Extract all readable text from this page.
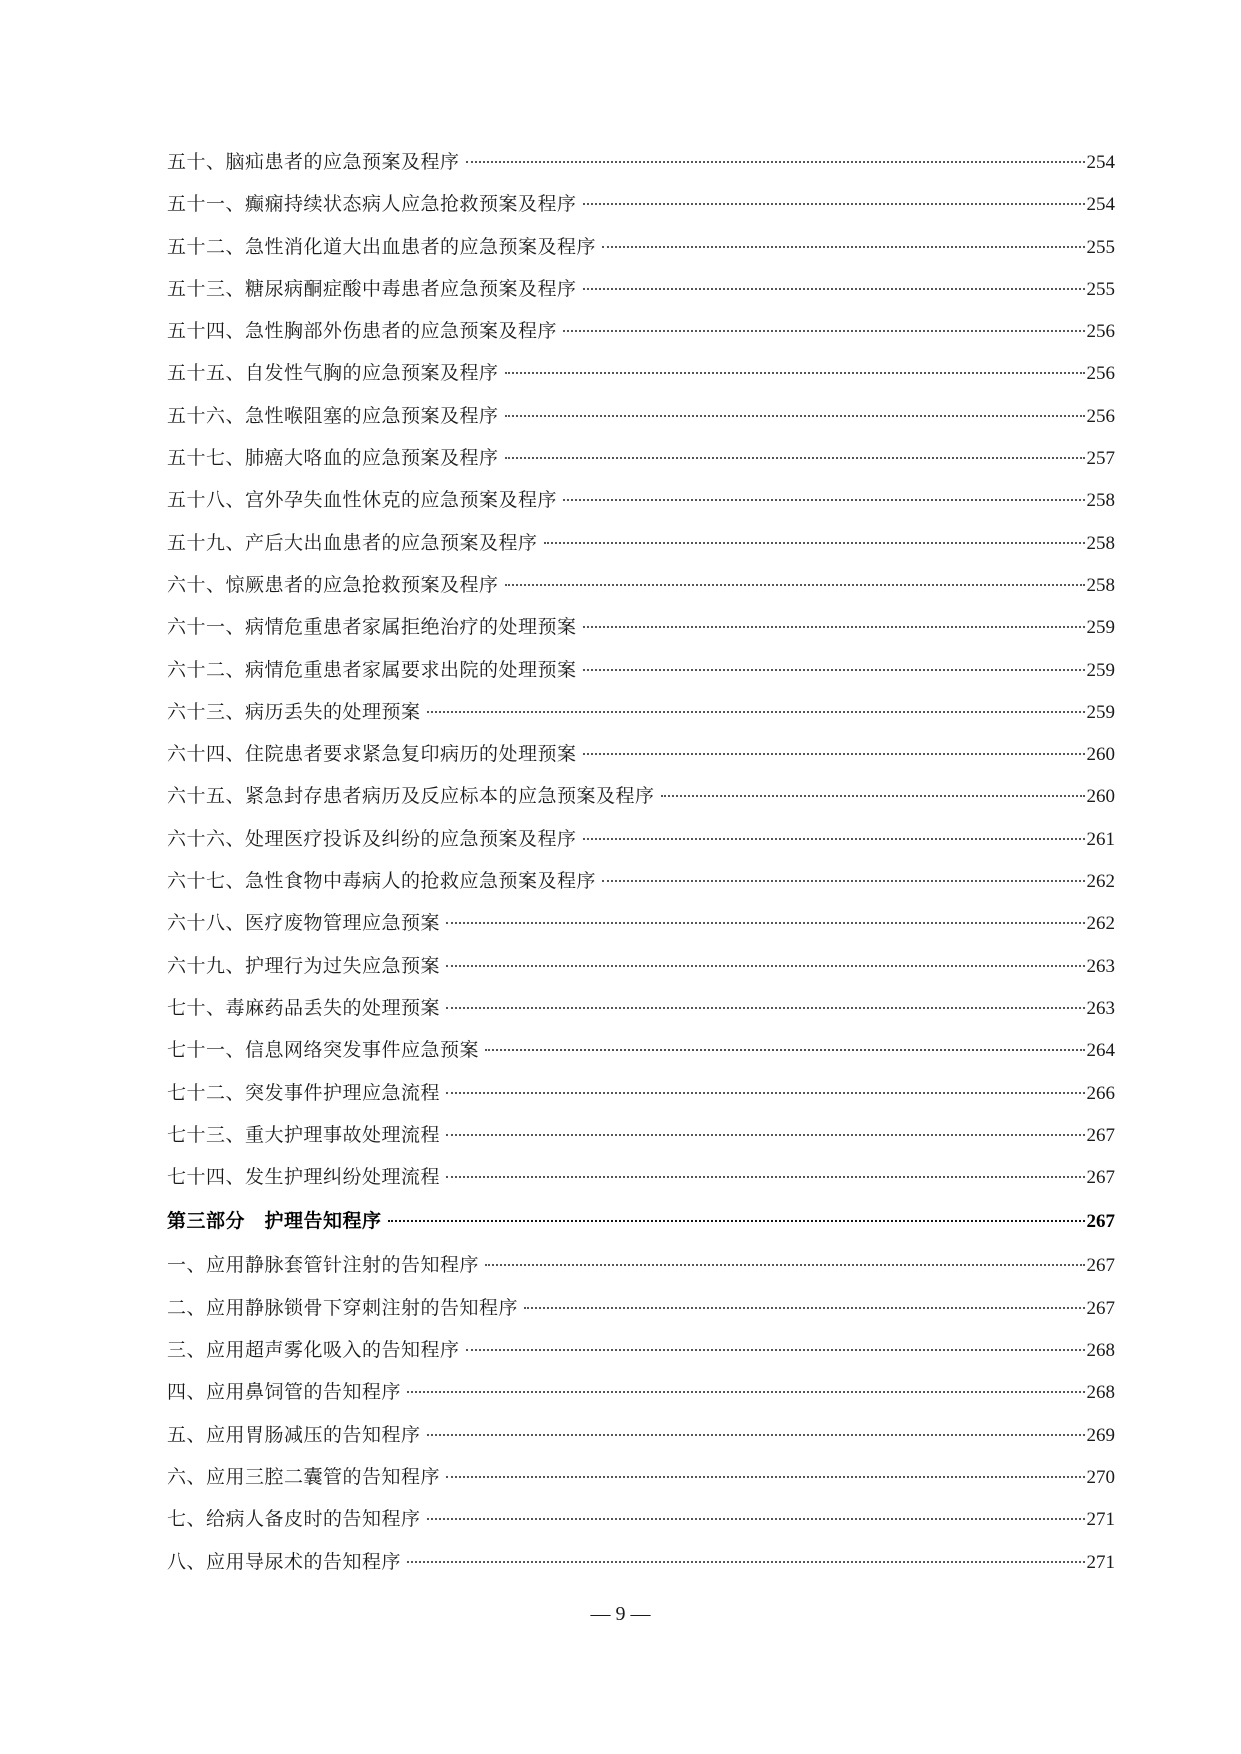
五十、脑疝患者的应急预案及程序	254
五十一、癫痫持续状态病人应急抢救预案及程序	254
五十二、急性消化道大出血患者的应急预案及程序	255
五十三、糖尿病酮症酸中毒患者应急预案及程序	255
五十四、急性胸部外伤患者的应急预案及程序	256
五十五、自发性气胸的应急预案及程序	256
五十六、急性喉阻塞的应急预案及程序	256
五十七、肺癌大咯血的应急预案及程序	257
五十八、宫外孕失血性休克的应急预案及程序	258
五十九、产后大出血患者的应急预案及程序	258
六十、惊厥患者的应急抢救预案及程序	258
六十一、病情危重患者家属拒绝治疗的处理预案	259
六十二、病情危重患者家属要求出院的处理预案	259
六十三、病历丢失的处理预案	259
六十四、住院患者要求紧急复印病历的处理预案	260
六十五、紧急封存患者病历及反应标本的应急预案及程序	260
六十六、处理医疗投诉及纠纷的应急预案及程序	261
六十七、急性食物中毒病人的抢救应急预案及程序	262
六十八、医疗废物管理应急预案	262
六十九、护理行为过失应急预案	263
七十、毒麻药品丢失的处理预案	263
七十一、信息网络突发事件应急预案	264
七十二、突发事件护理应急流程	266
七十三、重大护理事故处理流程	267
七十四、发生护理纠纷处理流程	267
第三部分　护理告知程序	267
一、应用静脉套管针注射的告知程序	267
二、应用静脉锁骨下穿刺注射的告知程序	267
三、应用超声雾化吸入的告知程序	268
四、应用鼻饲管的告知程序	268
五、应用胃肠减压的告知程序	269
六、应用三腔二囊管的告知程序	270
七、给病人备皮时的告知程序	271
八、应用导尿术的告知程序	271
— 9 —
